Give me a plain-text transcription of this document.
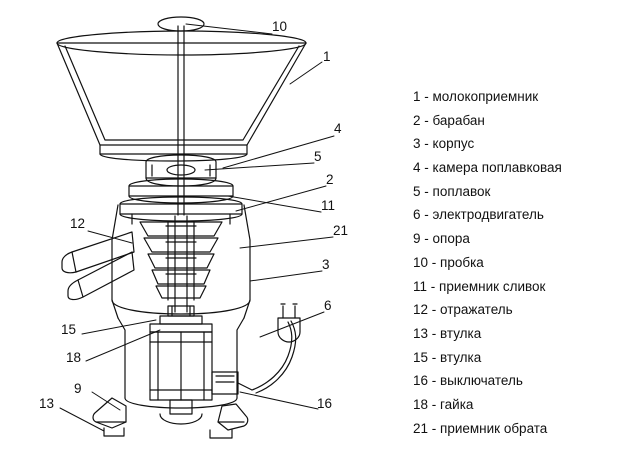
10
1
4
5
2
11
21
12
3
6
15
18
9
13	16
1 - молокоприемник
2 - барабан
3 - корпус
4 - камера поплавковая
5 - поплавок
6 - электродвигатель
9 - опора
10 - пробка
11 - приемник сливок
12 - отражатель
13 - втулка
15 - втулка
16 - выключатель
18 - гайка
21 - приемник обрата
